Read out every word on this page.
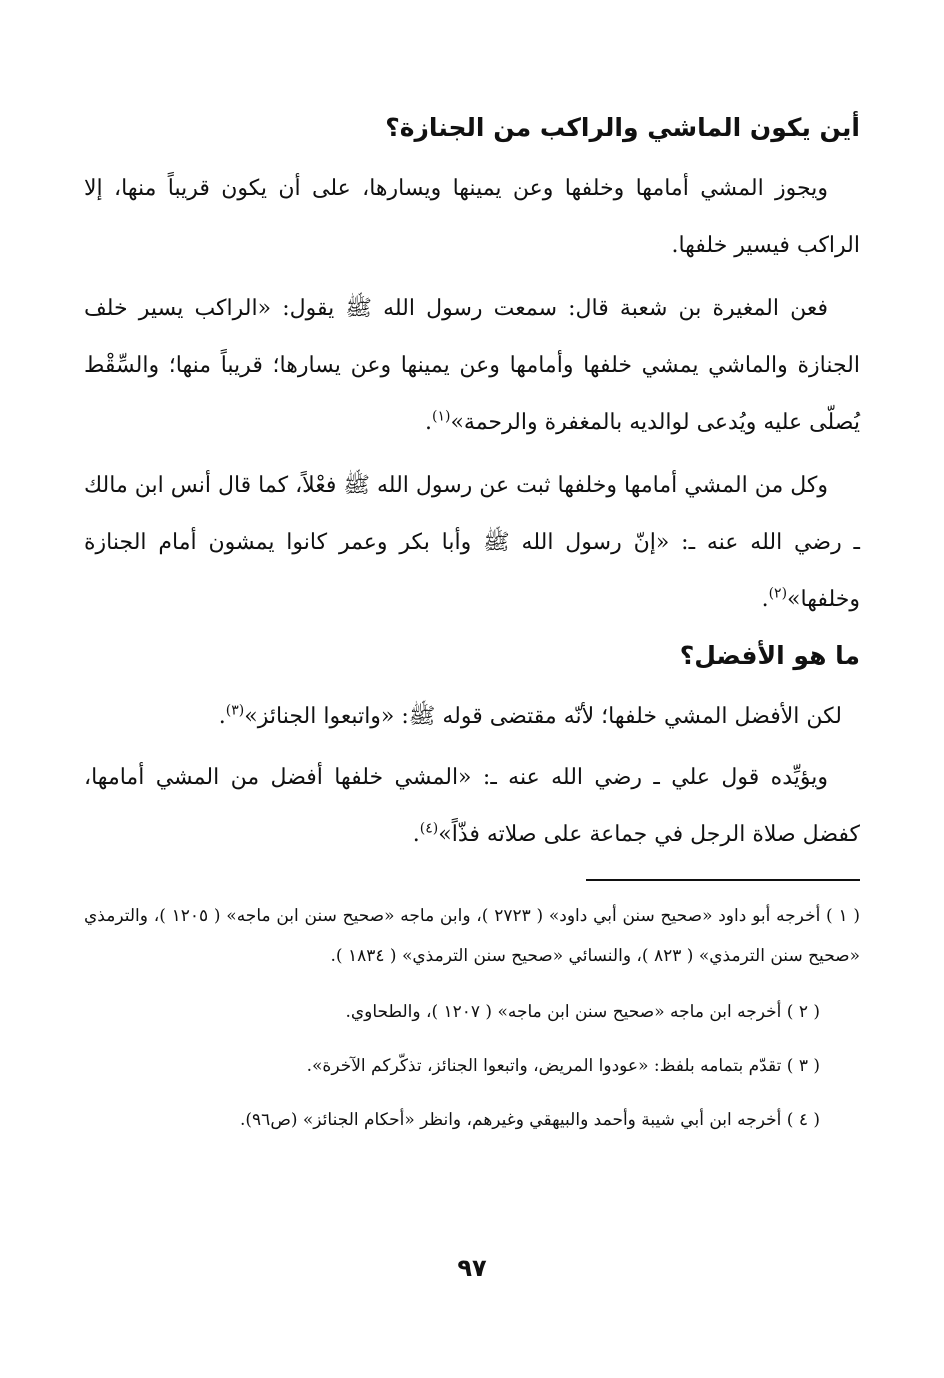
أين يكون الماشي والراكب من الجنازة؟

ويجوز المشي أمامها وخلفها وعن يمينها ويسارها، على أن يكون قريباً منها، إلا الراكب فيسير خلفها.

فعن المغيرة بن شعبة قال: سمعت رسول الله ﷺ يقول: «الراكب يسير خلف الجنازة والماشي يمشي خلفها وأمامها وعن يمينها وعن يسارها؛ قريباً منها؛ والسِّقْط يُصلّى عليه ويُدعى لوالديه بالمغفرة والرحمة»$^{(١)}$.

وكل من المشي أمامها وخلفها ثبت عن رسول الله ﷺ فعْلاً، كما قال أنس ابن مالك ـ رضي الله عنه ـ: «إنّ رسول الله ﷺ وأبا بكر وعمر كانوا يمشون أمام الجنازة وخلفها»$^{(٢)}$.

ما هو الأفضل؟

لكن الأفضل المشي خلفها؛ لأنّه مقتضى قوله ﷺ: «واتبعوا الجنائز»$^{(٣)}$.

ويؤيِّده قول علي ـ رضي الله عنه ـ: «المشي خلفها أفضل من المشي أمامها، كفضل صلاة الرجل في جماعة على صلاته فذّاً»$^{(٤)}$.

( ١ ) أخرجه أبو داود «صحيح سنن أبي داود» ( ٢٧٢٣ )، وابن ماجه «صحيح سنن ابن ماجه» ( ١٢٠٥ )، والترمذي «صحيح سنن الترمذي» ( ٨٢٣ )، والنسائي «صحيح سنن الترمذي» ( ١٨٣٤ ).

( ٢ ) أخرجه ابن ماجه «صحيح سنن ابن ماجه» ( ١٢٠٧ )، والطحاوي.

( ٣ ) تقدّم بتمامه بلفظ: «عودوا المريض، واتبعوا الجنائز، تذكّركم الآخرة».

( ٤ ) أخرجه ابن أبي شيبة وأحمد والبيهقي وغيرهم، وانظر «أحكام الجنائز» (ص٩٦).

٩٧
